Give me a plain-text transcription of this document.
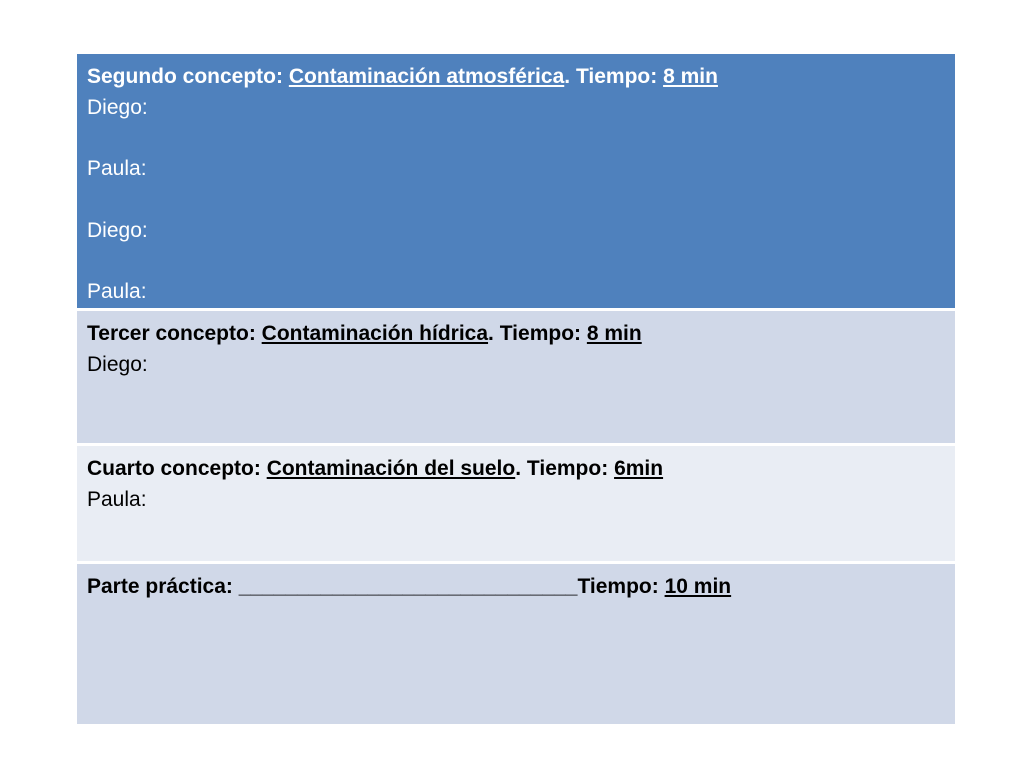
Segundo concepto: Contaminación atmosférica. Tiempo: 8 min
Diego:
Paula:
Diego:
Paula:
Tercer concepto: Contaminación hídrica. Tiempo: 8 min
Diego:
Cuarto concepto: Contaminación del suelo. Tiempo: 6min
Paula:
Parte práctica: _____________________________Tiempo: 10 min
